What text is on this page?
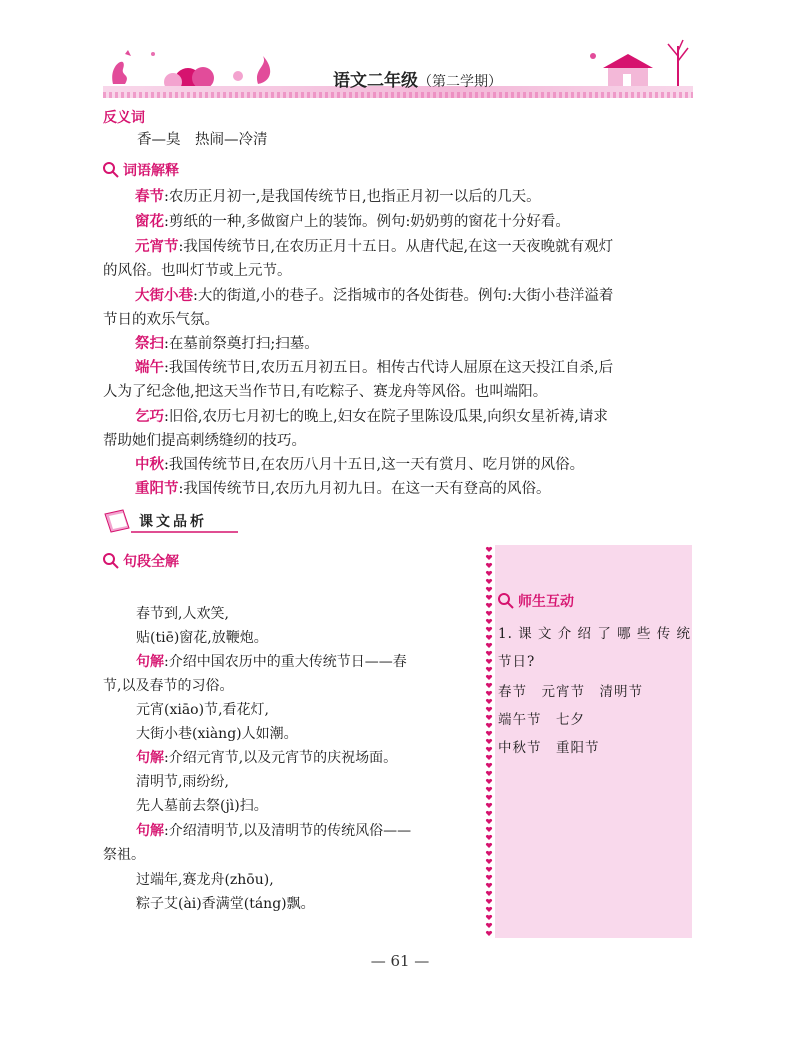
语文二年级（第二学期）
反义词
香—臭　热闹—冷清
词语解释
春节:农历正月初一,是我国传统节日,也指正月初一以后的几天。
窗花:剪纸的一种,多做窗户上的装饰。例句:奶奶剪的窗花十分好看。
元宵节:我国传统节日,在农历正月十五日。从唐代起,在这一天夜晚就有观灯
的风俗。也叫灯节或上元节。
大街小巷:大的街道,小的巷子。泛指城市的各处街巷。例句:大街小巷洋溢着
节日的欢乐气氛。
祭扫:在墓前祭奠打扫;扫墓。
端午:我国传统节日,农历五月初五日。相传古代诗人屈原在这天投江自杀,后
人为了纪念他,把这天当作节日,有吃粽子、赛龙舟等风俗。也叫端阳。
乞巧:旧俗,农历七月初七的晚上,妇女在院子里陈设瓜果,向织女星祈祷,请求
帮助她们提高刺绣缝纫的技巧。
中秋:我国传统节日,在农历八月十五日,这一天有赏月、吃月饼的风俗。
重阳节:我国传统节日,农历九月初九日。在这一天有登高的风俗。
课文品析
句段全解
春节到,人欢笑,
贴(tiē)窗花,放鞭炮。
句解:介绍中国农历中的重大传统节日——春
节,以及春节的习俗。
元宵(xiāo)节,看花灯,
大街小巷(xiàng)人如潮。
句解:介绍元宵节,以及元宵节的庆祝场面。
清明节,雨纷纷,
先人墓前去祭(jì)扫。
句解:介绍清明节,以及清明节的传统风俗——
祭祖。
过端年,赛龙舟(zhōu),
粽子艾(ài)香满堂(táng)飘。
师生互动
1. 课 文 介 绍 了 哪 些 传 统
节日?
春节　元宵节　清明节
端午节　七夕
中秋节　重阳节
— 61 —
